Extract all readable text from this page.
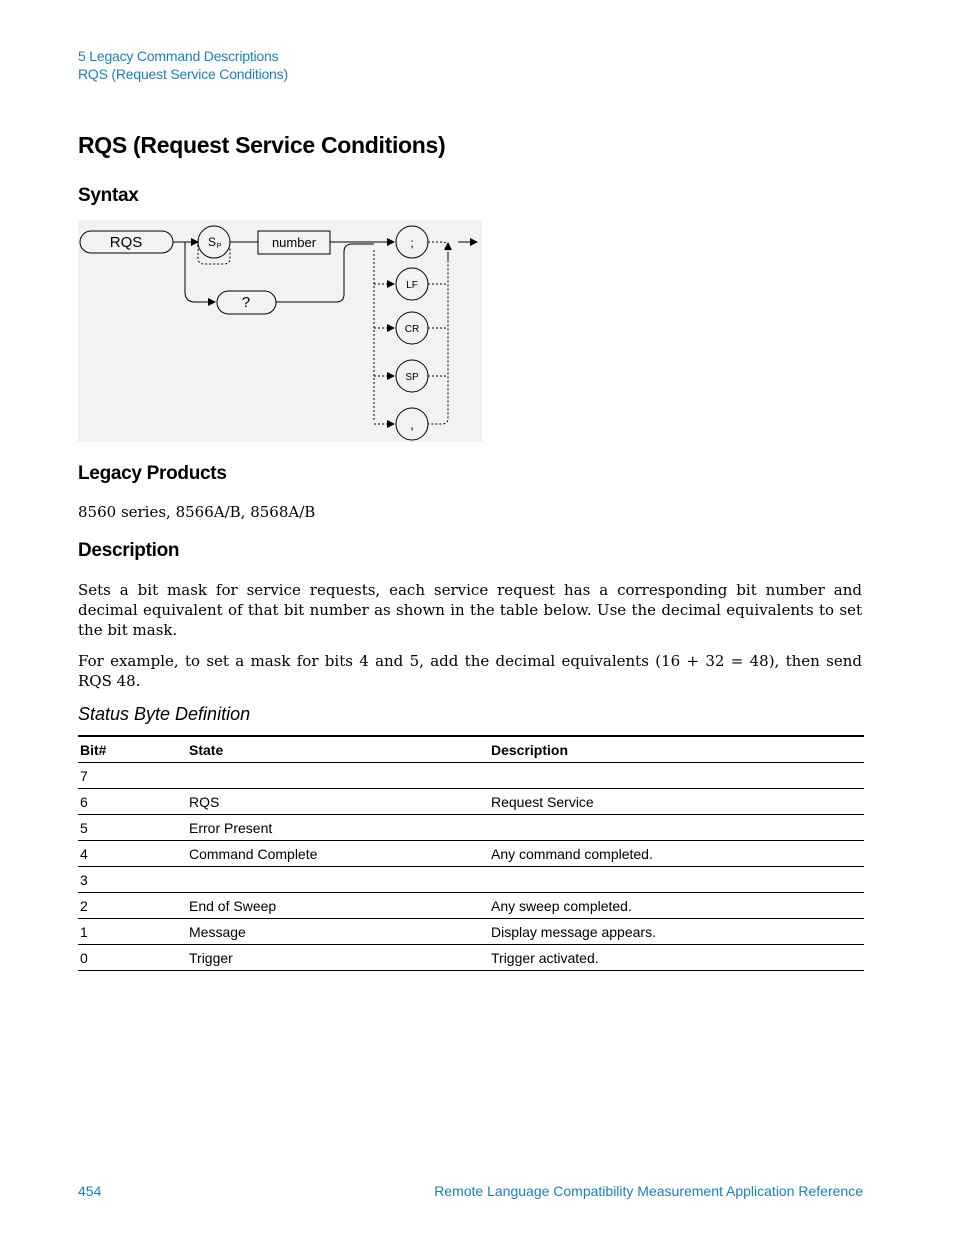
5 Legacy Command Descriptions
RQS (Request Service Conditions)
RQS (Request Service Conditions)
Syntax
RQS	S P	number
?
;
LF
CR
SP
,
Legacy Products

8560 series, 8566A/B, 8568A/B

Description

Sets a bit mask for service requests, each service request has a corresponding bit number and decimal equivalent of that bit number as shown in the table below. Use the decimal equivalents to set the bit mask.

For example, to set a mask for bits 4 and 5, add the decimal equivalents (16 + 32 = 48), then send RQS 48.

Status Byte Definition
Bit#	State	Description
7		
6	RQS	Request Service
5	Error Present	
4	Command Complete	Any command completed.
3		
2	End of Sweep	Any sweep completed.
1	Message	Display message appears.
0	Trigger	Trigger activated.
454	Remote Language Compatibility Measurement Application Reference
